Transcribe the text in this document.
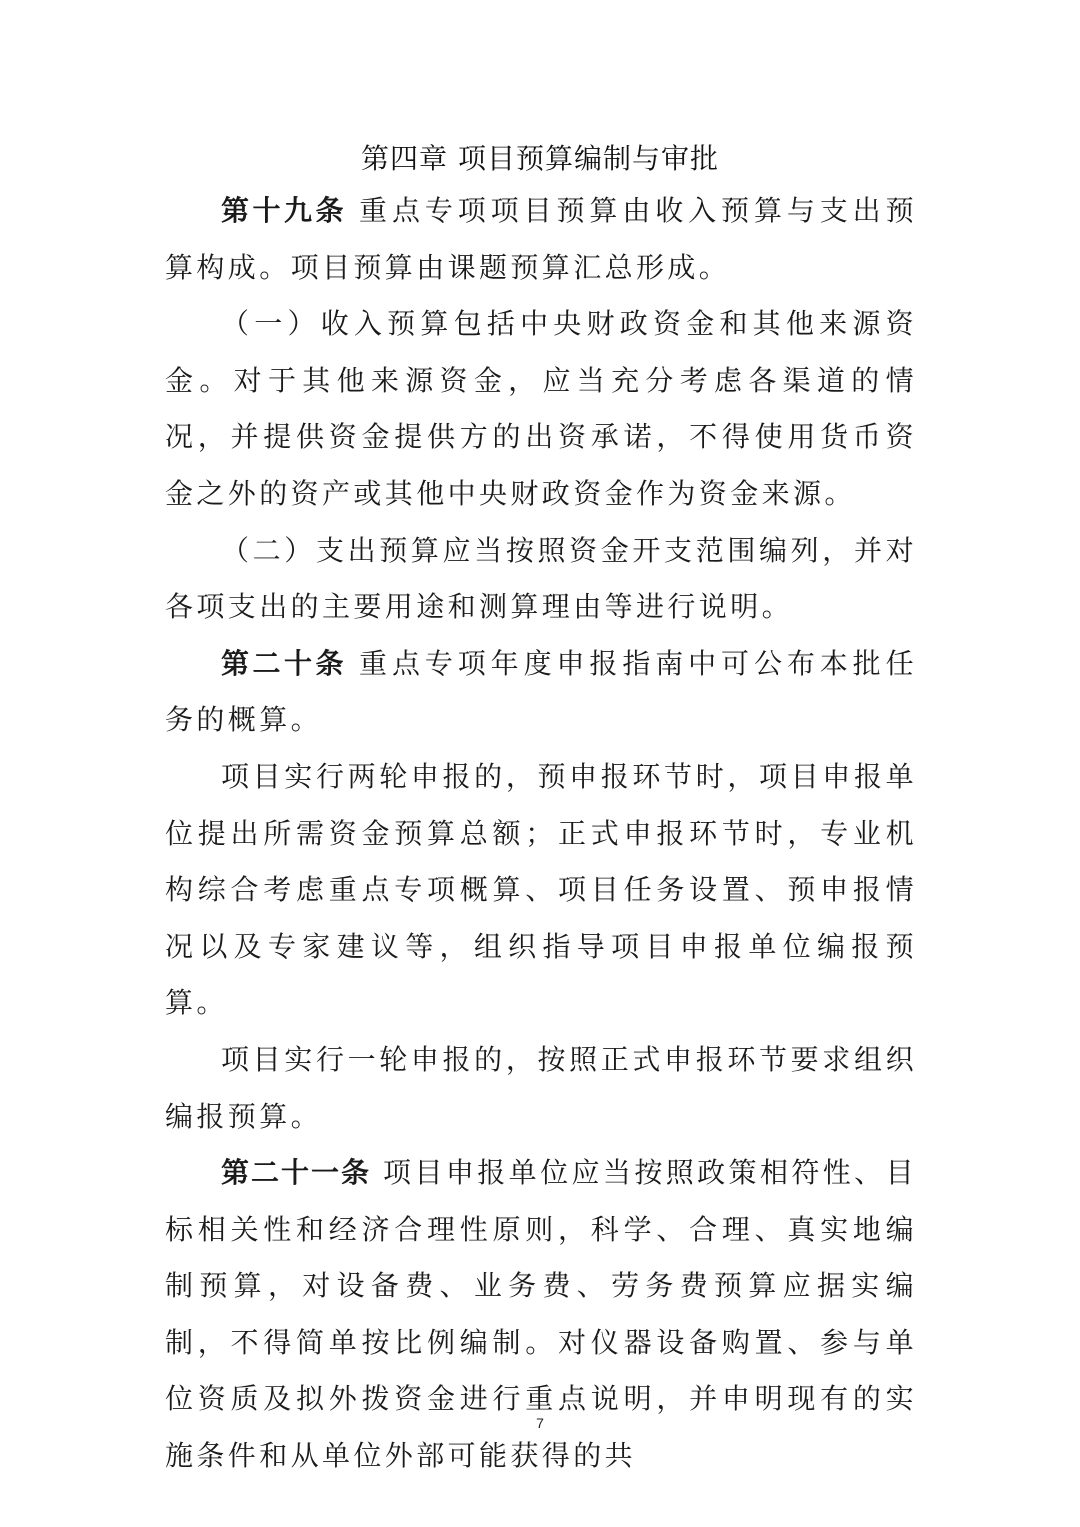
第四章 项目预算编制与审批

第十九条 重点专项项目预算由收入预算与支出预算构成。项目预算由课题预算汇总形成。

（一）收入预算包括中央财政资金和其他来源资金。对于其他来源资金，应当充分考虑各渠道的情况，并提供资金提供方的出资承诺，不得使用货币资金之外的资产或其他中央财政资金作为资金来源。

（二）支出预算应当按照资金开支范围编列，并对各项支出的主要用途和测算理由等进行说明。

第二十条 重点专项年度申报指南中可公布本批任务的概算。

项目实行两轮申报的，预申报环节时，项目申报单位提出所需资金预算总额；正式申报环节时，专业机构综合考虑重点专项概算、项目任务设置、预申报情况以及专家建议等，组织指导项目申报单位编报预算。

项目实行一轮申报的，按照正式申报环节要求组织编报预算。

第二十一条 项目申报单位应当按照政策相符性、目标相关性和经济合理性原则，科学、合理、真实地编制预算，对设备费、业务费、劳务费预算应据实编制，不得简单按比例编制。对仪器设备购置、参与单位资质及拟外拨资金进行重点说明，并申明现有的实施条件和从单位外部可能获得的共

7
